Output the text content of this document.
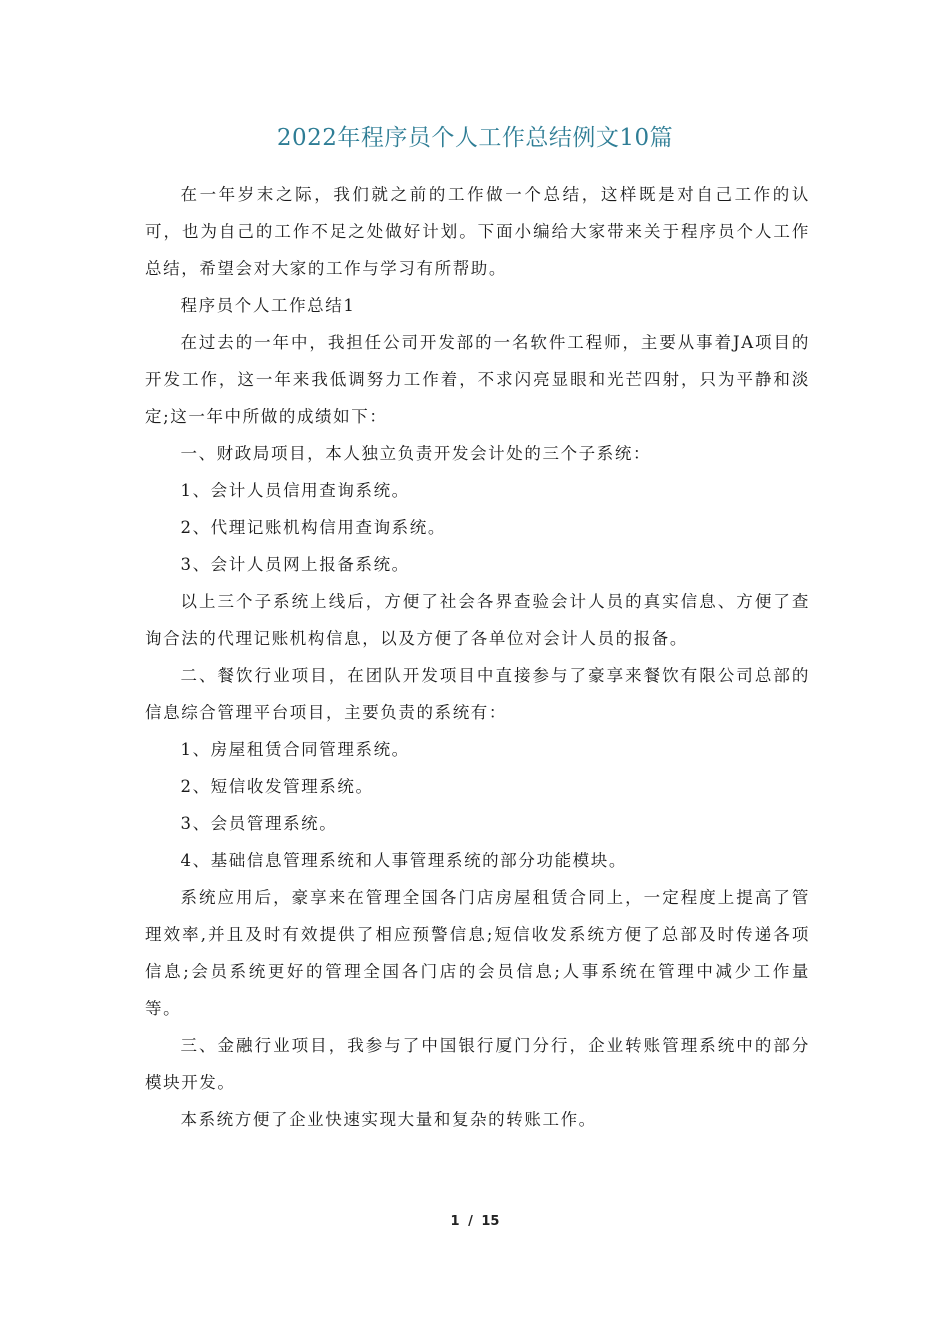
2022年程序员个人工作总结例文10篇

在一年岁末之际，我们就之前的工作做一个总结，这样既是对自己工作的认可，也为自己的工作不足之处做好计划。下面小编给大家带来关于程序员个人工作总结，希望会对大家的工作与学习有所帮助。

程序员个人工作总结1

在过去的一年中，我担任公司开发部的一名软件工程师，主要从事着JA项目的开发工作，这一年来我低调努力工作着，不求闪亮显眼和光芒四射，只为平静和淡定;这一年中所做的成绩如下：

一、财政局项目，本人独立负责开发会计处的三个子系统：

1、会计人员信用查询系统。

2、代理记账机构信用查询系统。

3、会计人员网上报备系统。

以上三个子系统上线后，方便了社会各界查验会计人员的真实信息、方便了查询合法的代理记账机构信息，以及方便了各单位对会计人员的报备。

二、餐饮行业项目，在团队开发项目中直接参与了豪享来餐饮有限公司总部的信息综合管理平台项目，主要负责的系统有：

1、房屋租赁合同管理系统。

2、短信收发管理系统。

3、会员管理系统。

4、基础信息管理系统和人事管理系统的部分功能模块。

系统应用后，豪享来在管理全国各门店房屋租赁合同上，一定程度上提高了管理效率,并且及时有效提供了相应预警信息;短信收发系统方便了总部及时传递各项信息;会员系统更好的管理全国各门店的会员信息;人事系统在管理中减少工作量等。

三、金融行业项目，我参与了中国银行厦门分行，企业转账管理系统中的部分模块开发。

本系统方便了企业快速实现大量和复杂的转账工作。

1 / 15
